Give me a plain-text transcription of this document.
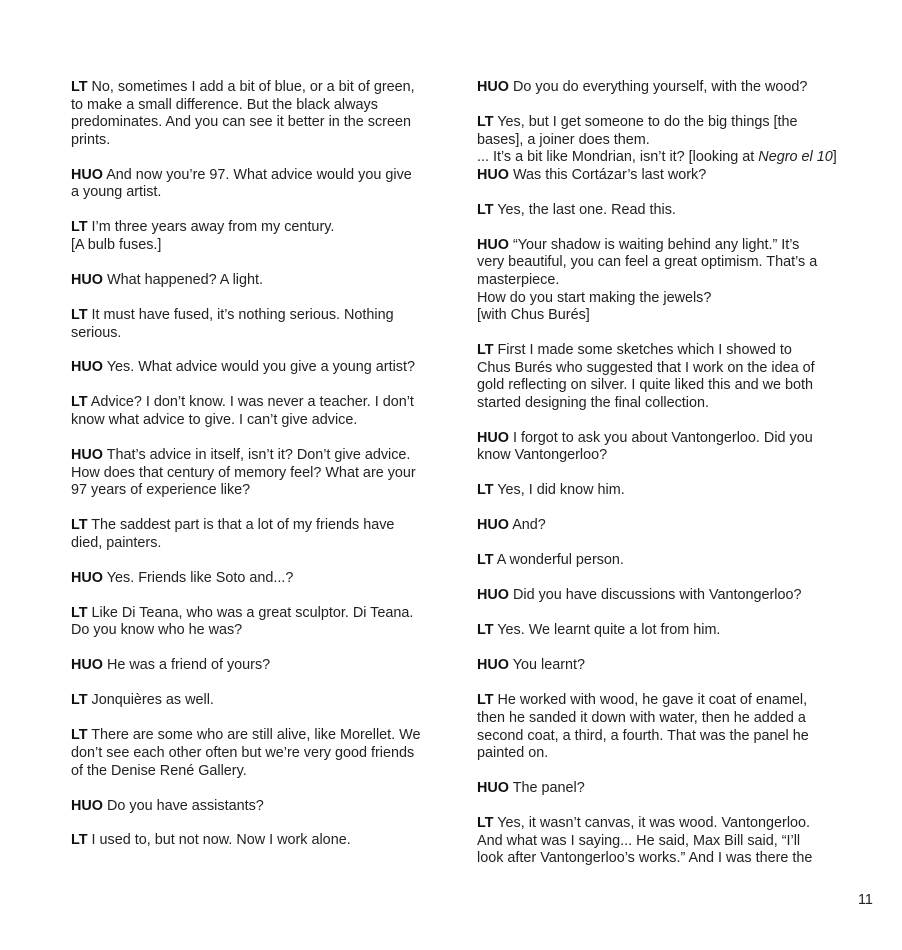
LT No, sometimes I add a bit of blue, or a bit of green,
to make a small difference. But the black always
predominates. And you can see it better in the screen
prints.
HUO And now you’re 97. What advice would you give
a young artist.
LT I’m three years away from my century.
[A bulb fuses.]
HUO What happened? A light.
LT It must have fused, it’s nothing serious. Nothing
serious.
HUO Yes. What advice would you give a young artist?
LT Advice? I don’t know. I was never a teacher. I don’t
know what advice to give. I can’t give advice.
HUO That’s advice in itself, isn’t it? Don’t give advice.
How does that century of memory feel? What are your
97 years of experience like?
LT The saddest part is that a lot of my friends have
died, painters.
HUO Yes. Friends like Soto and...?
LT Like Di Teana, who was a great sculptor. Di Teana.
Do you know who he was?
HUO He was a friend of yours?
LT Jonquières as well.
LT There are some who are still alive, like Morellet. We
don’t see each other often but we’re very good friends
of the Denise René Gallery.
HUO Do you have assistants?
LT I used to, but not now. Now I work alone.
HUO Do you do everything yourself, with the wood?
LT Yes, but I get someone to do the big things [the
bases], a joiner does them.
... It’s a bit like Mondrian, isn’t it? [looking at Negro el 10]
HUO Was this Cortázar’s last work?
LT Yes, the last one. Read this.
HUO “Your shadow is waiting behind any light.” It’s
very beautiful, you can feel a great optimism. That’s a
masterpiece.
How do you start making the jewels?
[with Chus Burés]
LT First I made some sketches which I showed to
Chus Burés who suggested that I work on the idea of
gold reflecting on silver. I quite liked this and we both
started designing the final collection.
HUO I forgot to ask you about Vantongerloo. Did you
know Vantongerloo?
LT Yes, I did know him.
HUO And?
LT A wonderful person.
HUO Did you have discussions with Vantongerloo?
LT Yes. We learnt quite a lot from him.
HUO You learnt?
LT He worked with wood, he gave it coat of enamel,
then he sanded it down with water, then he added a
second coat, a third, a fourth. That was the panel he
painted on.
HUO The panel?
LT Yes, it wasn’t canvas, it was wood. Vantongerloo.
And what was I saying... He said, Max Bill said, “I’ll
look after Vantongerloo’s works.” And I was there the
11
